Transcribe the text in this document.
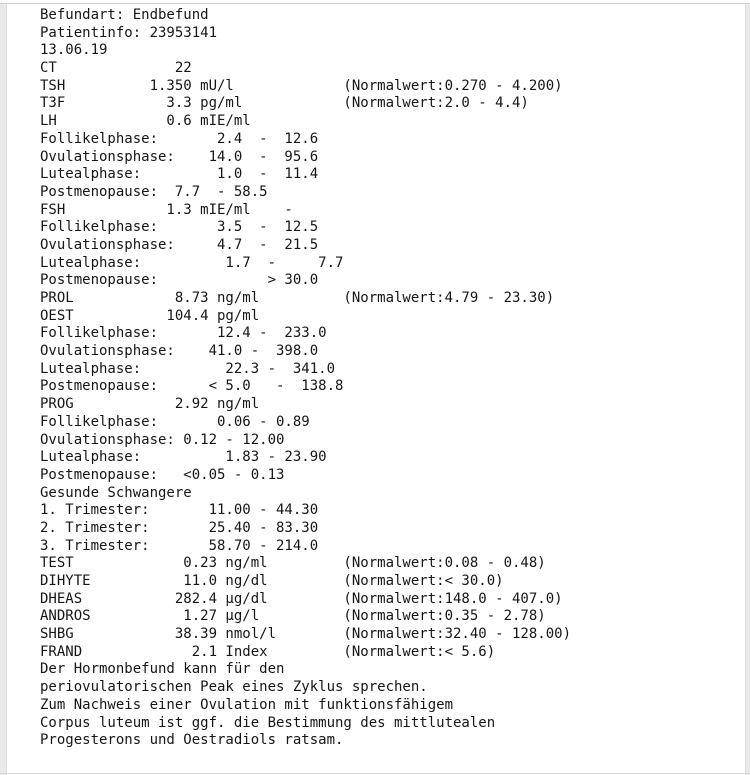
Befundart: Endbefund
Patientinfo: 23953141
13.06.19
CT              22
TSH          1.350 mU/l             (Normalwert:0.270 - 4.200)
T3F            3.3 pg/ml            (Normalwert:2.0 - 4.4)
LH             0.6 mIE/ml
Follikelphase:       2.4  -  12.6
Ovulationsphase:    14.0  -  95.6
Lutealphase:         1.0  -  11.4
Postmenopause:  7.7  - 58.5
FSH            1.3 mIE/ml    -
Follikelphase:       3.5  -  12.5
Ovulationsphase:     4.7  -  21.5
Lutealphase:          1.7  -     7.7
Postmenopause:             > 30.0
PROL            8.73 ng/ml          (Normalwert:4.79 - 23.30)
OEST           104.4 pg/ml
Follikelphase:       12.4 -  233.0
Ovulationsphase:    41.0 -  398.0
Lutealphase:          22.3 -  341.0
Postmenopause:      < 5.0   -  138.8
PROG            2.92 ng/ml
Follikelphase:       0.06 - 0.89
Ovulationsphase: 0.12 - 12.00
Lutealphase:          1.83 - 23.90
Postmenopause:   <0.05 - 0.13
Gesunde Schwangere
1. Trimester:       11.00 - 44.30
2. Trimester:       25.40 - 83.30
3. Trimester:       58.70 - 214.0
TEST             0.23 ng/ml         (Normalwert:0.08 - 0.48)
DIHYTE           11.0 ng/dl         (Normalwert:< 30.0)
DHEAS           282.4 µg/dl         (Normalwert:148.0 - 407.0)
ANDROS           1.27 µg/l          (Normalwert:0.35 - 2.78)
SHBG            38.39 nmol/l        (Normalwert:32.40 - 128.00)
FRAND             2.1 Index         (Normalwert:< 5.6)
Der Hormonbefund kann für den
periovulatorischen Peak eines Zyklus sprechen.
Zum Nachweis einer Ovulation mit funktionsfähigem
Corpus luteum ist ggf. die Bestimmung des mittlutealen
Progesterons und Oestradiols ratsam.
